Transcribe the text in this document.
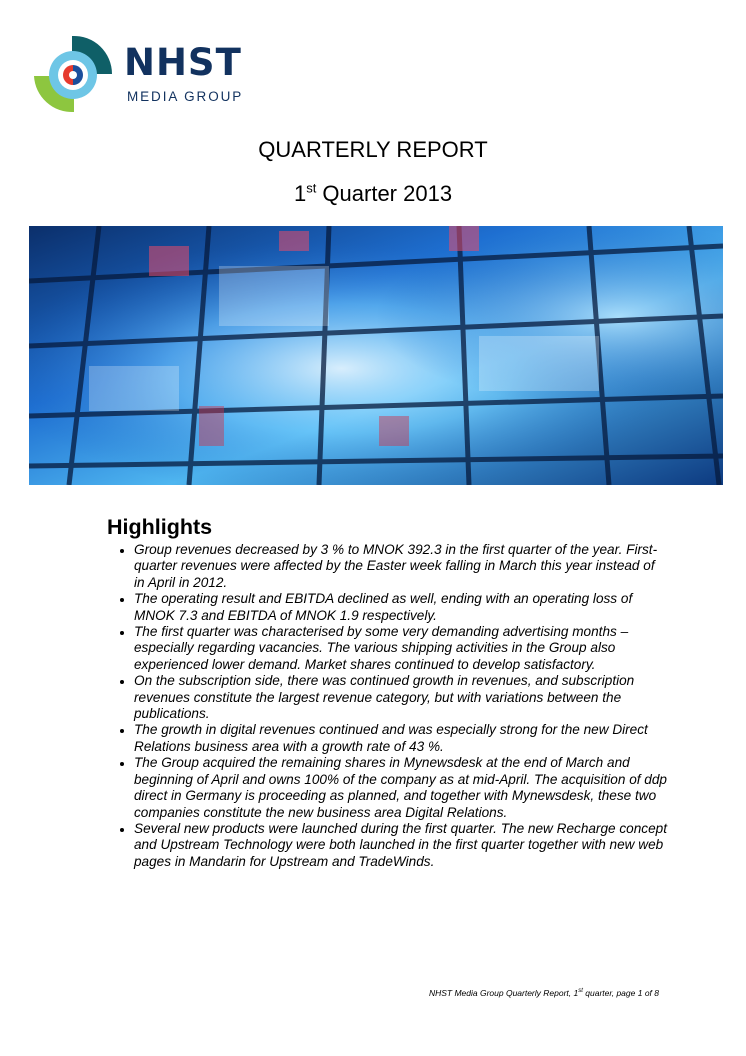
NHST
MEDIA GROUP
QUARTERLY REPORT

1st Quarter 2013

Highlights
• Group revenues decreased by 3 % to MNOK 392.3 in the first quarter of the year. First-quarter revenues were affected by the Easter week falling in March this year instead of in April in 2012.
• The operating result and EBITDA declined as well, ending with an operating loss of MNOK 7.3 and EBITDA of MNOK 1.9 respectively.
• The first quarter was characterised by some very demanding advertising months – especially regarding vacancies. The various shipping activities in the Group also experienced lower demand. Market shares continued to develop satisfactory.
• On the subscription side, there was continued growth in revenues, and subscription revenues constitute the largest revenue category, but with variations between the publications.
• The growth in digital revenues continued and was especially strong for the new Direct Relations business area with a growth rate of 43 %.
• The Group acquired the remaining shares in Mynewsdesk at the end of March and beginning of April and owns 100% of the company as at mid-April. The acquisition of ddp direct in Germany is proceeding as planned, and together with Mynewsdesk, these two companies constitute the new business area Digital Relations.
• Several new products were launched during the first quarter. The new Recharge concept and Upstream Technology were both launched in the first quarter together with new web pages in Mandarin for Upstream and TradeWinds.
NHST Media Group Quarterly Report, 1st quarter, page 1 of 8
